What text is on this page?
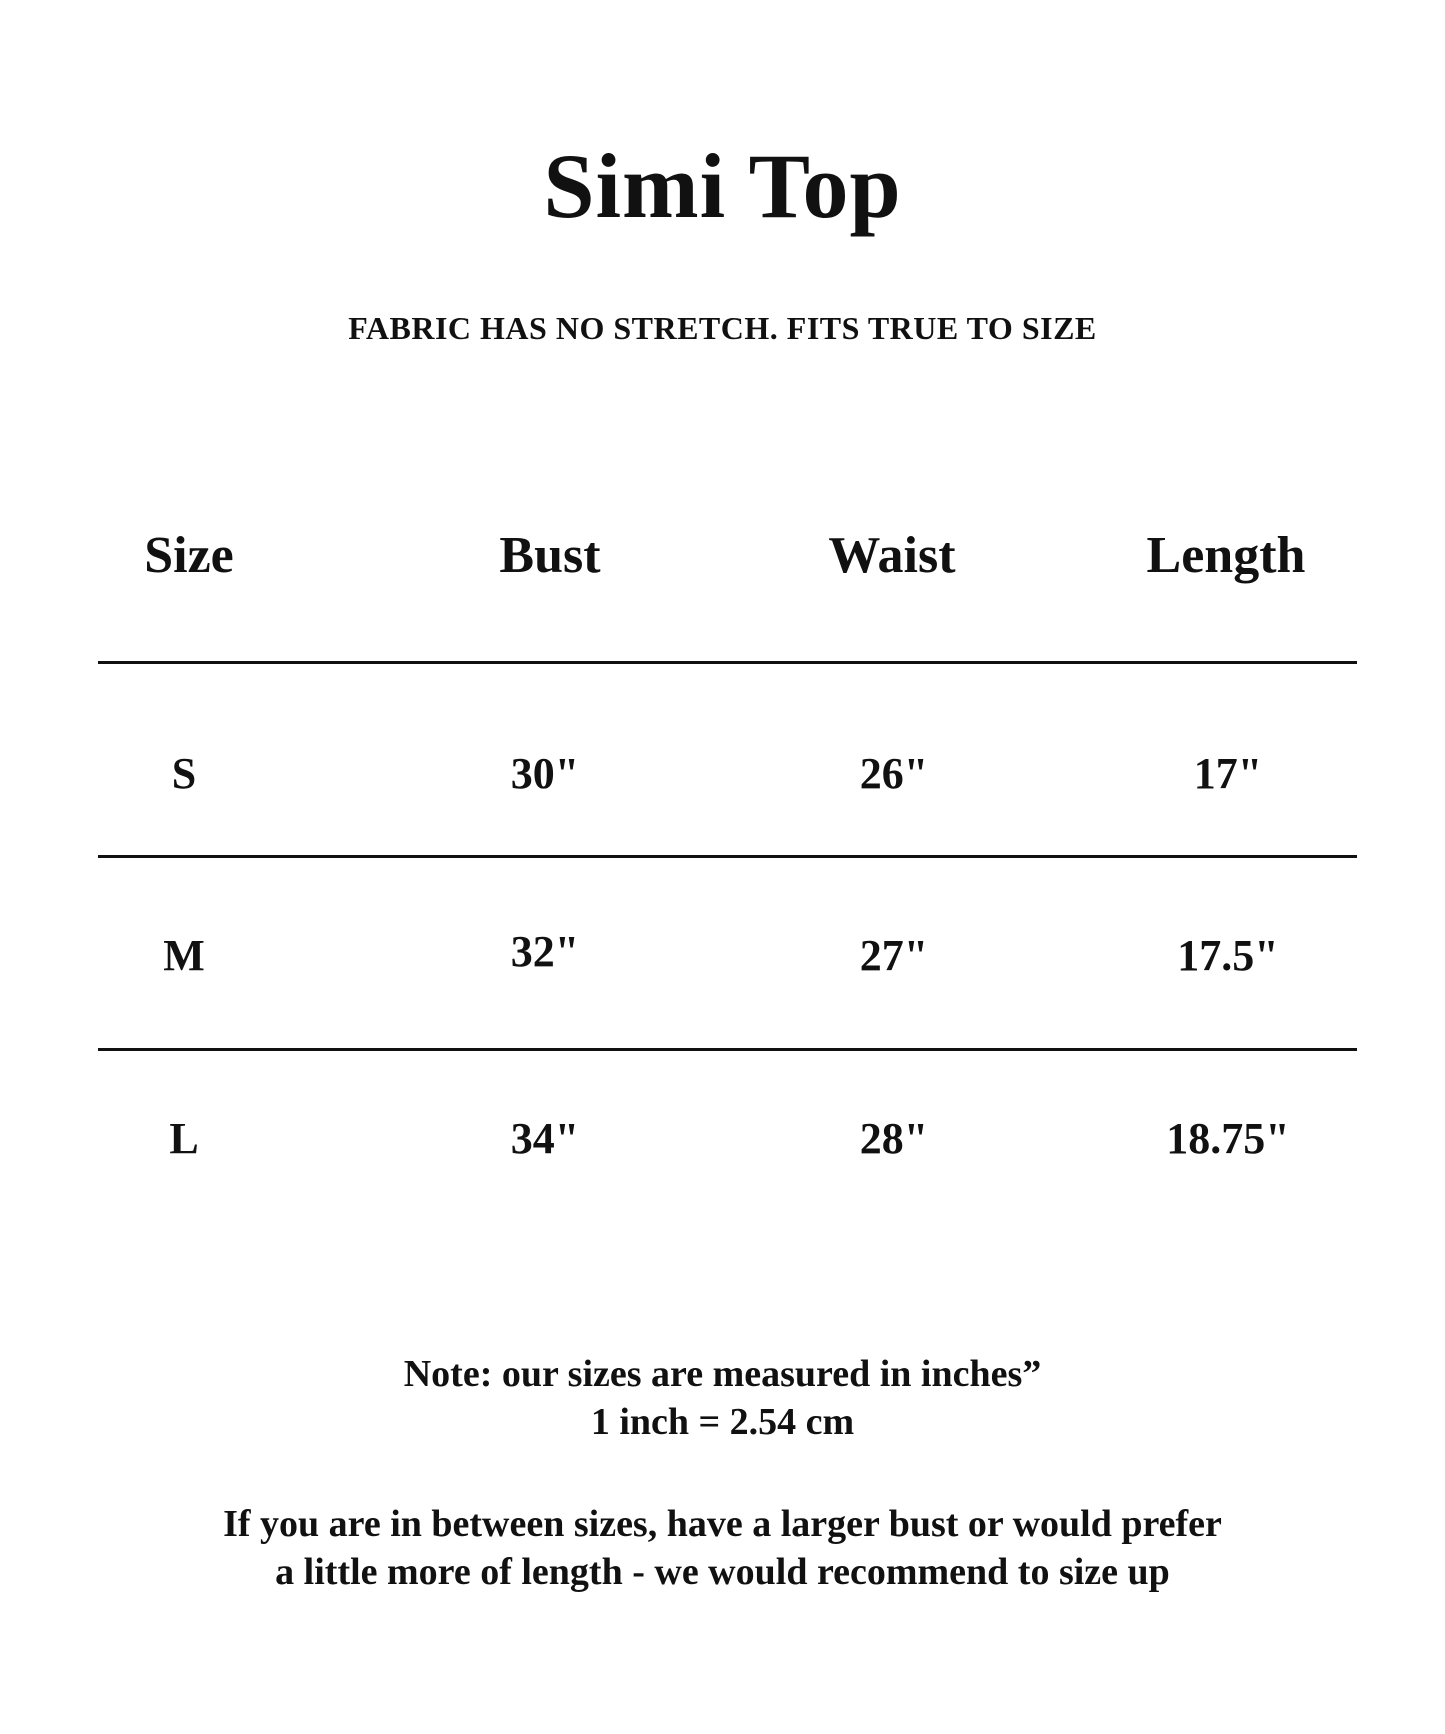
Simi Top
FABRIC HAS NO STRETCH. FITS TRUE TO SIZE
Size	Bust	Waist	Length
S	30"	26"	17"
M	32"	27"	17.5"
L	34"	28"	18.75"
Note: our sizes are measured in inches”
1 inch = 2.54 cm
If you are in between sizes, have a larger bust or would prefer
a little more of length - we would recommend to size up
